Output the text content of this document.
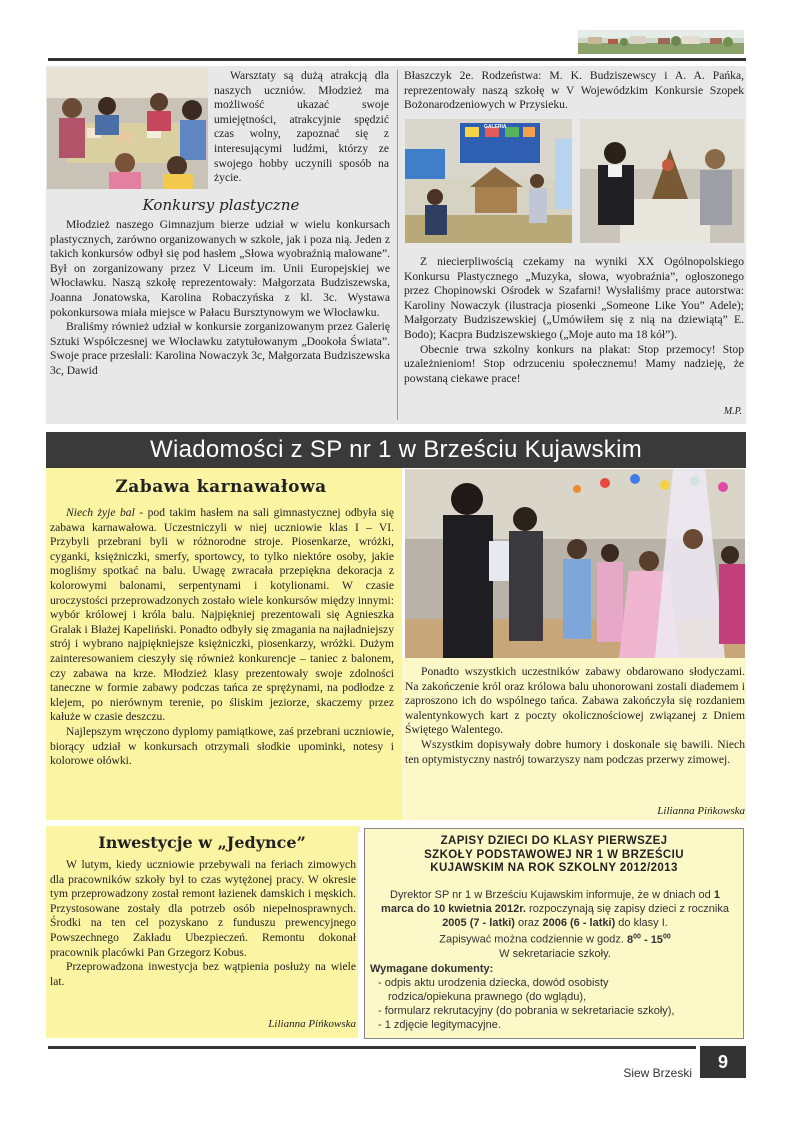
Warsztaty są dużą atrakcją dla naszych uczniów. Młodzież ma możliwość ukazać swoje umiejętności, atrakcyjnie spędzić czas wolny, zapoznać się z interesującymi ludźmi, którzy ze swojego hobby uczynili sposób na życie.
Konkursy plastyczne

Młodzież naszego Gimnazjum bierze udział w wielu konkursach plastycznych, zarówno organizowanych w szkole, jak i poza nią. Jeden z takich konkursów odbył się pod hasłem „Słowa wyobraźnią malowane”. Był on zorganizowany przez V Liceum im. Unii Europejskiej we Włocławku. Naszą szkołę reprezentowały: Małgorzata Budziszewska, Joanna Jonatowska, Karolina Robaczyńska z kl. 3c. Wystawa pokonkursowa miała miejsce w Pałacu Bursztynowym we Włocławku.

Braliśmy również udział w konkursie zorganizowanym przez Galerię Sztuki Współczesnej we Włocławku zatytułowanym „Dookoła Świata”. Swoje prace przesłali: Karolina Nowaczyk 3c, Małgorzata Budziszewska 3c, Dawid

Błaszczyk 2e. Rodzeństwa: M. K. Budziszewscy i A. A. Pańka, reprezentowały naszą szkołę w V Wojewódzkim Konkursie Szopek Bożonarodzeniowych w Przysieku.
GALERIA

Z niecierpliwością czekamy na wyniki XX Ogólnopolskiego Konkursu Plastycznego „Muzyka, słowa, wyobraźnia”, ogłoszonego przez Chopinowski Ośrodek w Szafarni! Wysłaliśmy prace autorstwa: Karoliny Nowaczyk (ilustracja piosenki „Someone Like You” Adele); Małgorzaty Budziszewskiej („Umówiłem się z nią na dziewiątą” E. Bodo); Kacpra Budziszewskiego („Moje auto ma 18 kół”).

Obecnie trwa szkolny konkurs na plakat: Stop przemocy! Stop uzależnieniom! Stop odrzuceniu społecznemu! Mamy nadzieję, że powstaną ciekawe prace!

M.P.
Wiadomości z SP nr 1 w Brześciu Kujawskim
Zabawa karnawałowa

Niech żyje bal - pod takim hasłem na sali gimnastycznej odbyła się zabawa karnawałowa. Uczestniczyli w niej uczniowie klas I – VI. Przybyli przebrani byli w różnorodne stroje. Piosenkarze, wróżki, cyganki, księżniczki, smerfy, sportowcy, to tylko niektóre osoby, jakie mogliśmy spotkać na balu. Uwagę zwracała przepiękna dekoracja z kolorowymi balonami, serpentynami i kotylionami. W czasie uroczystości przeprowadzonych zostało wiele konkursów między innymi: wybór królowej i króla balu. Najpiękniej prezentowali się Agnieszka Gralak i Błażej Kapeliński. Ponadto odbyły się zmagania na najładniejszy strój i wybrano najpiękniejsze księżniczki, piosenkarzy, wróżki. Dużym zainteresowaniem cieszyły się również konkurencje – taniec z balonem, czy zabawa na krze. Młodzież klasy prezentowały swoje zdolności taneczne w formie zabawy podczas tańca ze sprężynami, na podłodze z klejem, po nierównym terenie, po śliskim jeziorze, skaczemy przez kałuże w czasie deszczu.

Najlepszym wręczono dyplomy pamiątkowe, zaś przebrani uczniowie, biorący udział w konkursach otrzymali słodkie upominki, notesy i kolorowe ołówki.

Ponadto wszystkich uczestników zabawy obdarowano słodyczami. Na zakończenie król oraz królowa balu uhonorowani zostali diademem i zaproszono ich do wspólnego tańca. Zabawa zakończyła się rozdaniem walentynkowych kart z poczty okolicznościowej związanej z Dniem Świętego Walentego.

Wszystkim dopisywały dobre humory i doskonale się bawili. Niech ten optymistyczny nastrój towarzyszy nam podczas przerwy zimowej.

Lilianna Pińkowska
Inwestycje w „Jedynce”

W lutym, kiedy uczniowie przebywali na feriach zimowych dla pracowników szkoły był to czas wytężonej pracy. W okresie tym przeprowadzony został remont łazienek damskich i męskich. Przystosowane zostały dla potrzeb osób niepełnosprawnych. Środki na ten cel pozyskano z funduszu prewencyjnego Powszechnego Zakładu Ubezpieczeń. Remontu dokonał pracownik placówki Pan Grzegorz Kobus.

Przeprowadzona inwestycja bez wątpienia posłuży na wiele lat.

Lilianna Pińkowska
ZAPISY DZIECI DO KLASY PIERWSZEJ
SZKOŁY PODSTAWOWEJ NR 1 W BRZEŚCIU
KUJAWSKIM NA ROK SZKOLNY 2012/2013
Dyrektor SP nr 1 w Brześciu Kujawskim informuje, że w dniach od 1 marca do 10 kwietnia 2012r. rozpoczynają się zapisy dzieci z rocznika 2005 (7 - latki) oraz 2006 (6 - latki) do klasy I.
Zapisywać można codziennie w godz. $8^{00} - 15^{00}$
W sekretariacie szkoły.
Wymagane dokumenty:
- odpis aktu urodzenia dziecka, dowód osobisty
rodzica/opiekuna prawnego (do wglądu),
- formularz rekrutacyjny (do pobrania w sekretariacie szkoły),
- 1 zdjęcie legitymacyjne.
Siew Brzeski
9
